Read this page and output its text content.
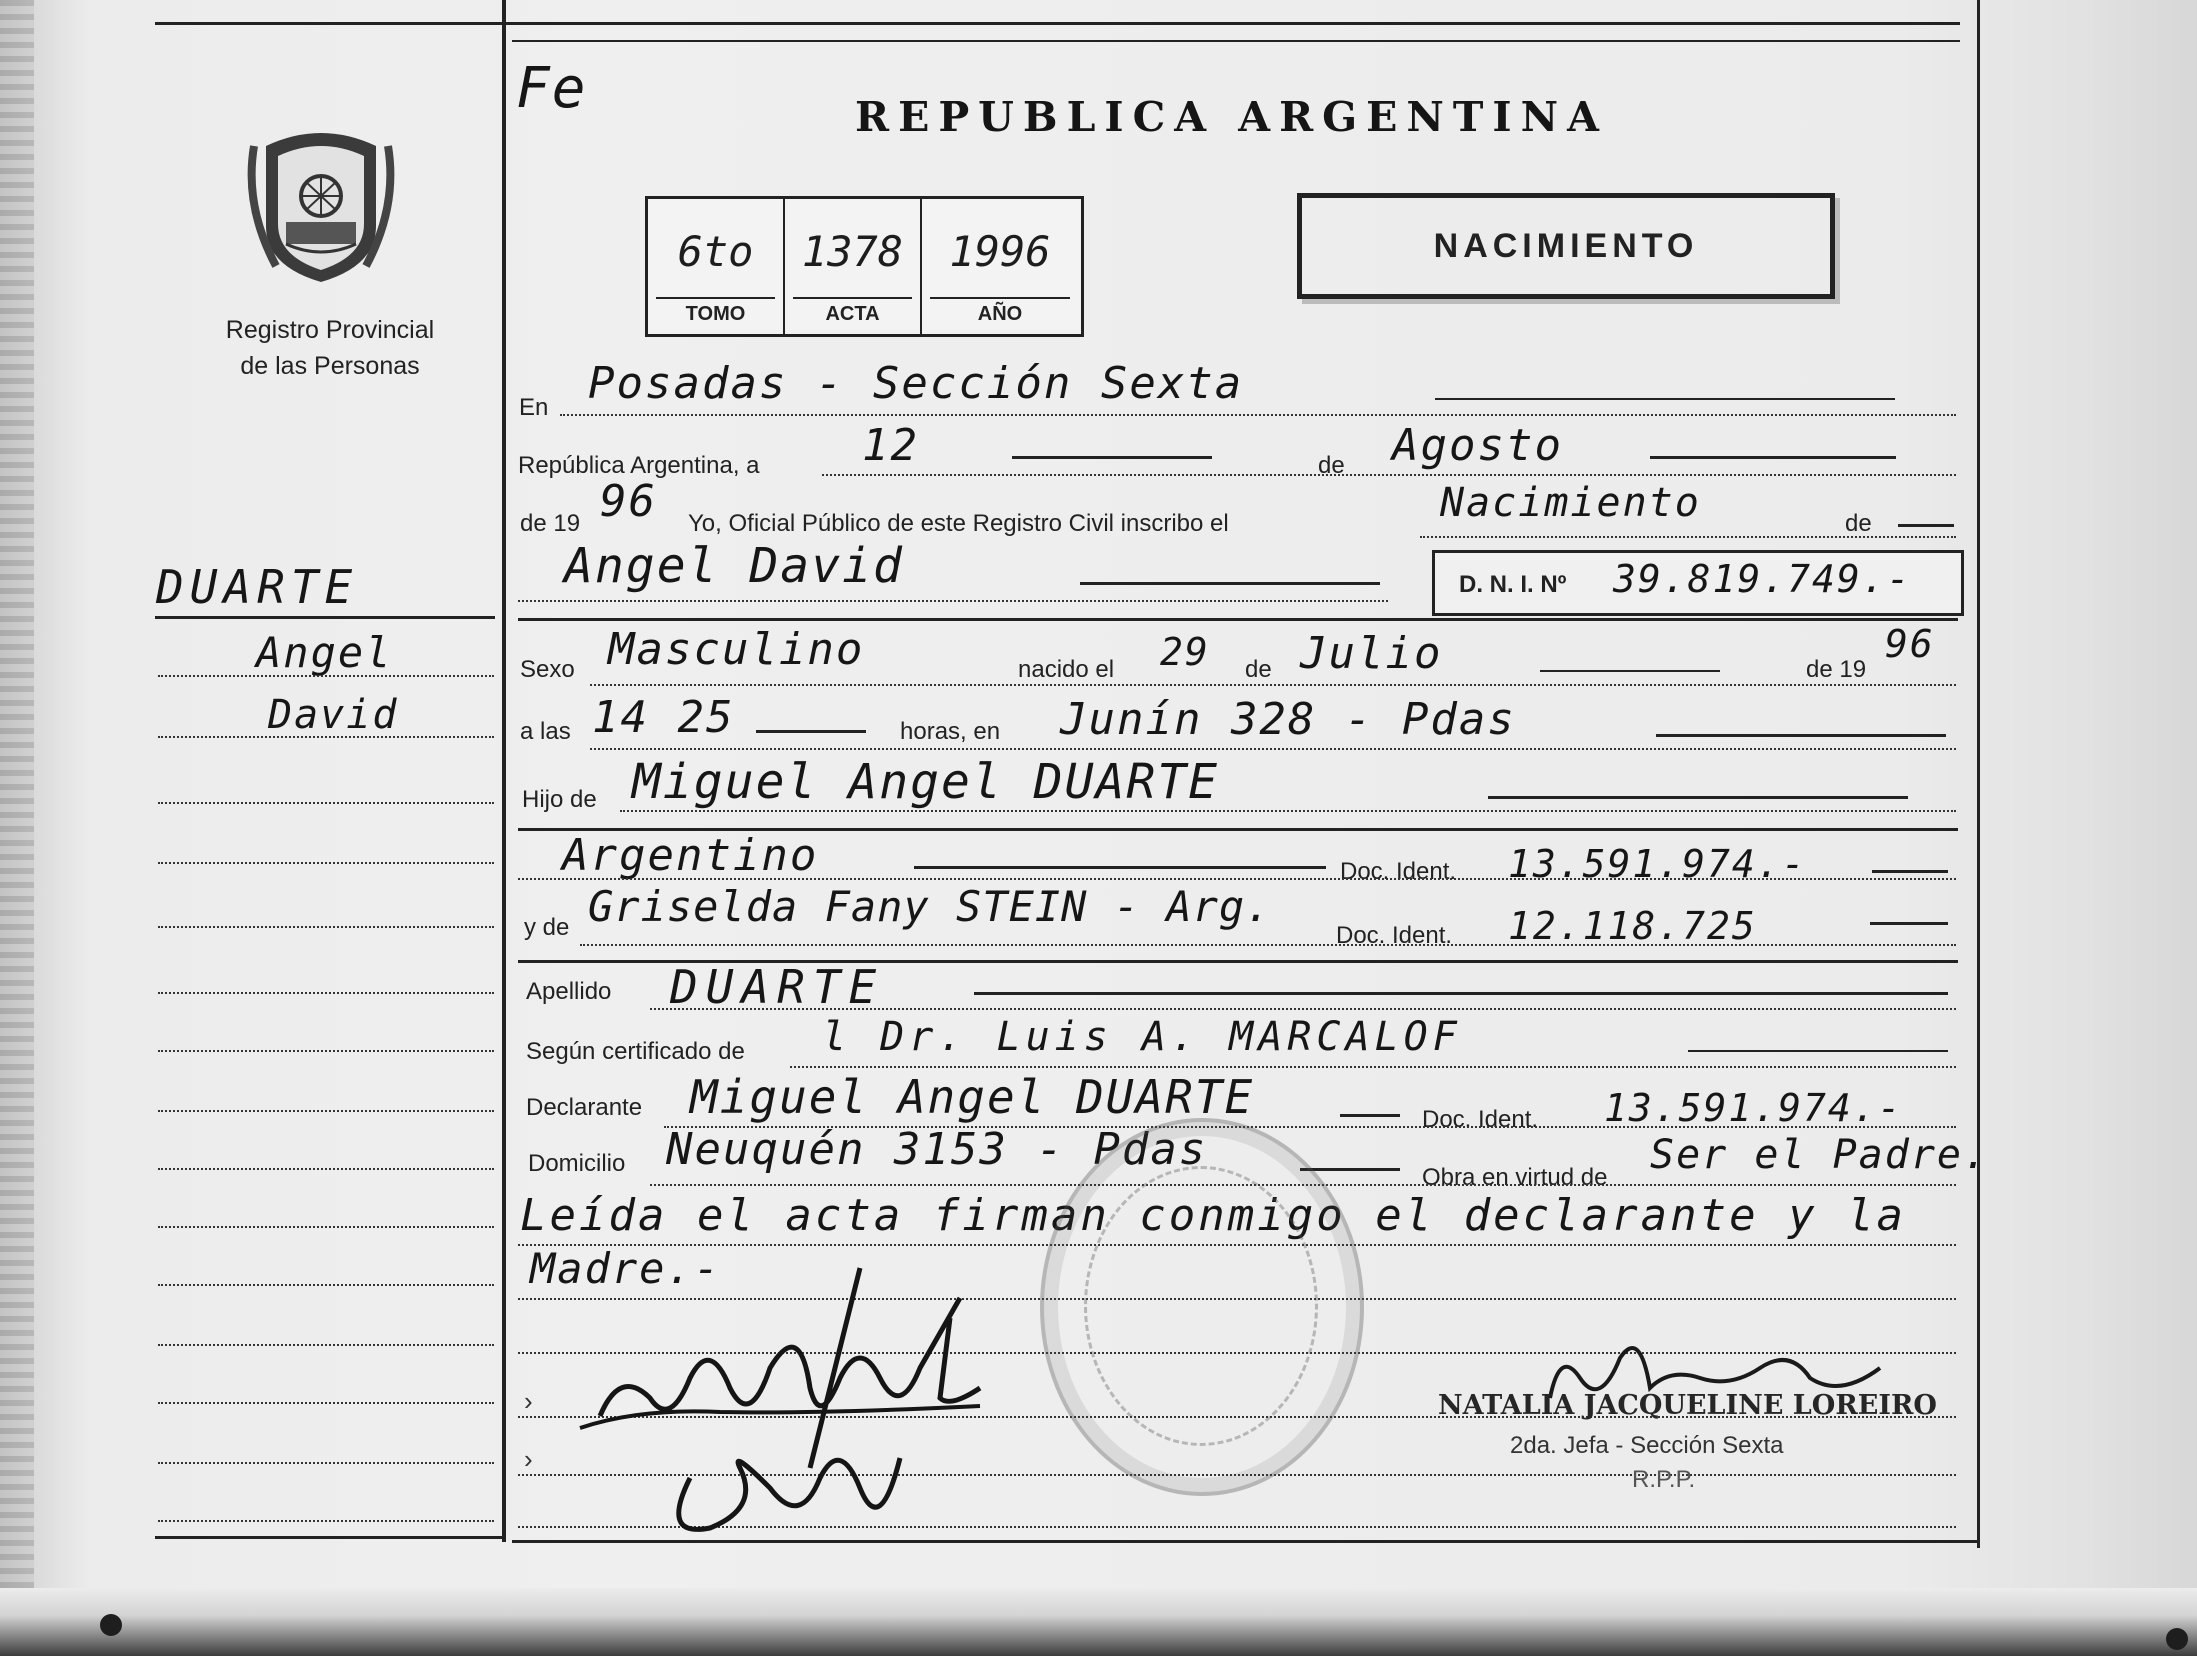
Registro Provincial
de las Personas
DUARTE
Angel
David
Fe	REPUBLICA ARGENTINA
6to
TOMO
1378
ACTA
1996
AÑO
NACIMIENTO
En Posadas - Sección Sexta
República Argentina, a 12	de Agosto
de 19 96 Yo, Oficial Público de este Registro Civil inscribo el	Nacimiento	de
Angel David	D. N. I. Nº 39.819.749.-
Sexo Masculino	nacido el 29 de Julio	de 19
96
a las 14 25	horas, en Junín 328 - Pdas
Hijo de Miguel Angel DUARTE
Argentino	Doc. Ident. 13.591.974.-
y de Griselda Fany STEIN - Arg.
Doc. Ident. 12.118.725
Apellido DUARTE
Según certificado de l Dr. Luis A. MARCALOF
Declarante Miguel Angel DUARTE	Doc. Ident. 13.591.974.-
Domicilio Neuquén 3153 - Pdas
Obra en virtud de Ser el Padre.
Leída el acta firman conmigo el declarante y la
Madre.-
›
›
NATALIA JACQUELINE LOREIRO
2da. Jefa - Sección Sexta
R.P.P.
